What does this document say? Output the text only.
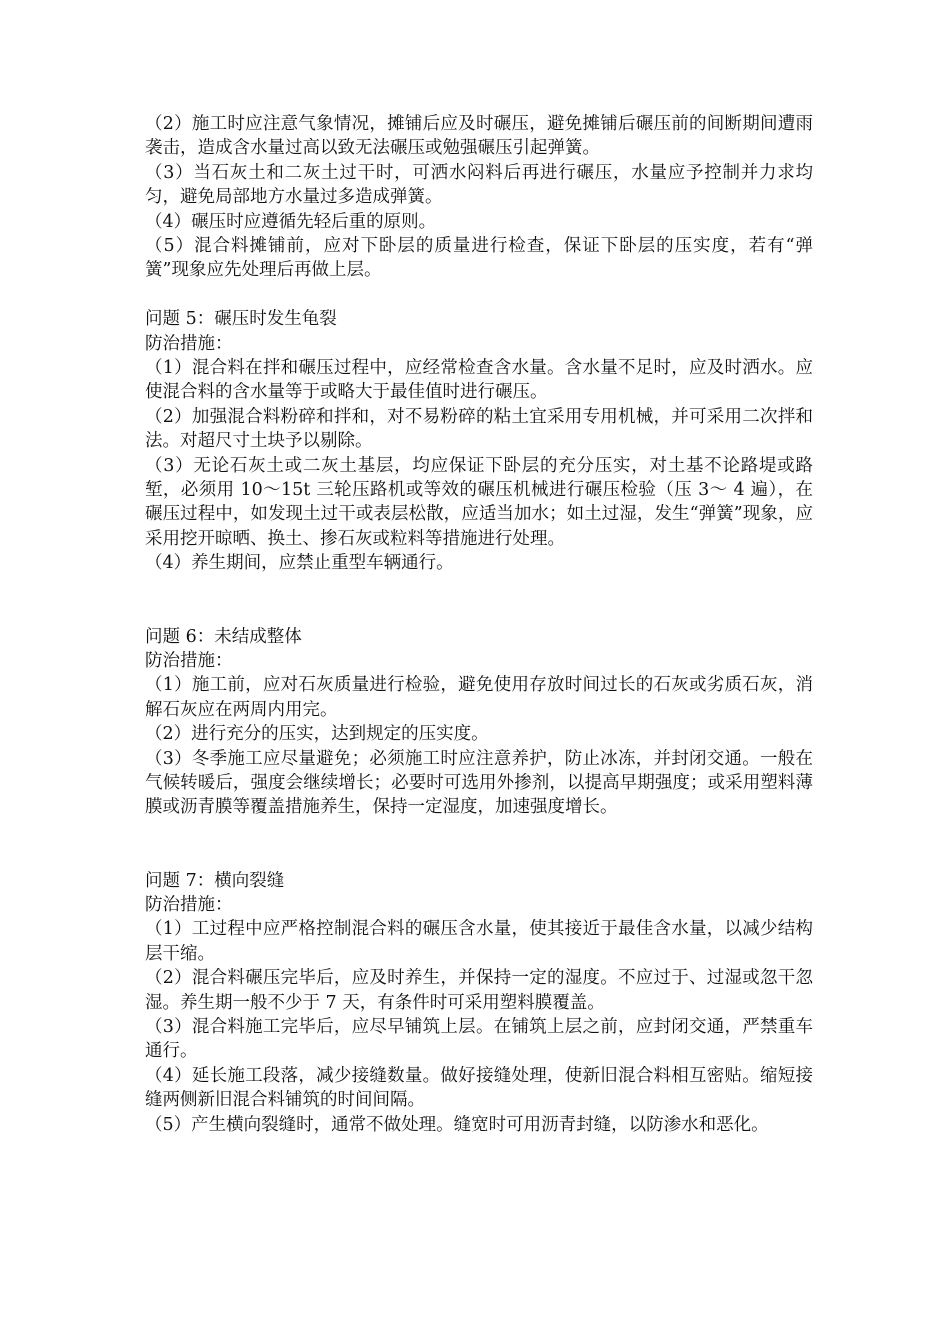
（2）施工时应注意气象情况，摊铺后应及时碾压，避免摊铺后碾压前的间断期间遭雨袭击，造成含水量过高以致无法碾压或勉强碾压引起弹簧。

（3）当石灰土和二灰土过干时，可洒水闷料后再进行碾压，水量应予控制并力求均匀，避免局部地方水量过多造成弹簧。

（4）碾压时应遵循先轻后重的原则。

（5）混合料摊铺前，应对下卧层的质量进行检查，保证下卧层的压实度，若有“弹簧”现象应先处理后再做上层。

问题 5：碾压时发生龟裂

防治措施：

（1）混合料在拌和碾压过程中，应经常检查含水量。含水量不足时，应及时洒水。应使混合料的含水量等于或略大于最佳值时进行碾压。

（2）加强混合料粉碎和拌和，对不易粉碎的粘土宜采用专用机械，并可采用二次拌和法。对超尺寸土块予以剔除。

（3）无论石灰土或二灰土基层，均应保证下卧层的充分压实，对土基不论路堤或路堑，必须用 10～15t 三轮压路机或等效的碾压机械进行碾压检验（压 3～ 4 遍），在碾压过程中，如发现土过干或表层松散，应适当加水；如土过湿，发生“弹簧”现象，应采用挖开晾晒、换土、掺石灰或粒料等措施进行处理。

（4）养生期间，应禁止重型车辆通行。

问题 6：未结成整体

防治措施：

（1）施工前，应对石灰质量进行检验，避免使用存放时间过长的石灰或劣质石灰，消解石灰应在两周内用完。

（2）进行充分的压实，达到规定的压实度。

（3）冬季施工应尽量避免；必须施工时应注意养护，防止冰冻，并封闭交通。一般在气候转暖后，强度会继续增长；必要时可选用外掺剂，以提高早期强度；或采用塑料薄膜或沥青膜等覆盖措施养生，保持一定湿度，加速强度增长。

问题 7：横向裂缝

防治措施：

（1）工过程中应严格控制混合料的碾压含水量，使其接近于最佳含水量，以减少结构层干缩。

（2）混合料碾压完毕后，应及时养生，并保持一定的湿度。不应过于、过湿或忽干忽湿。养生期一般不少于 7 天，有条件时可采用塑料膜覆盖。

（3）混合料施工完毕后，应尽早铺筑上层。在铺筑上层之前，应封闭交通，严禁重车通行。

（4）延长施工段落，减少接缝数量。做好接缝处理，使新旧混合料相互密贴。缩短接缝两侧新旧混合料铺筑的时间间隔。

（5）产生横向裂缝时，通常不做处理。缝宽时可用沥青封缝，以防渗水和恶化。
